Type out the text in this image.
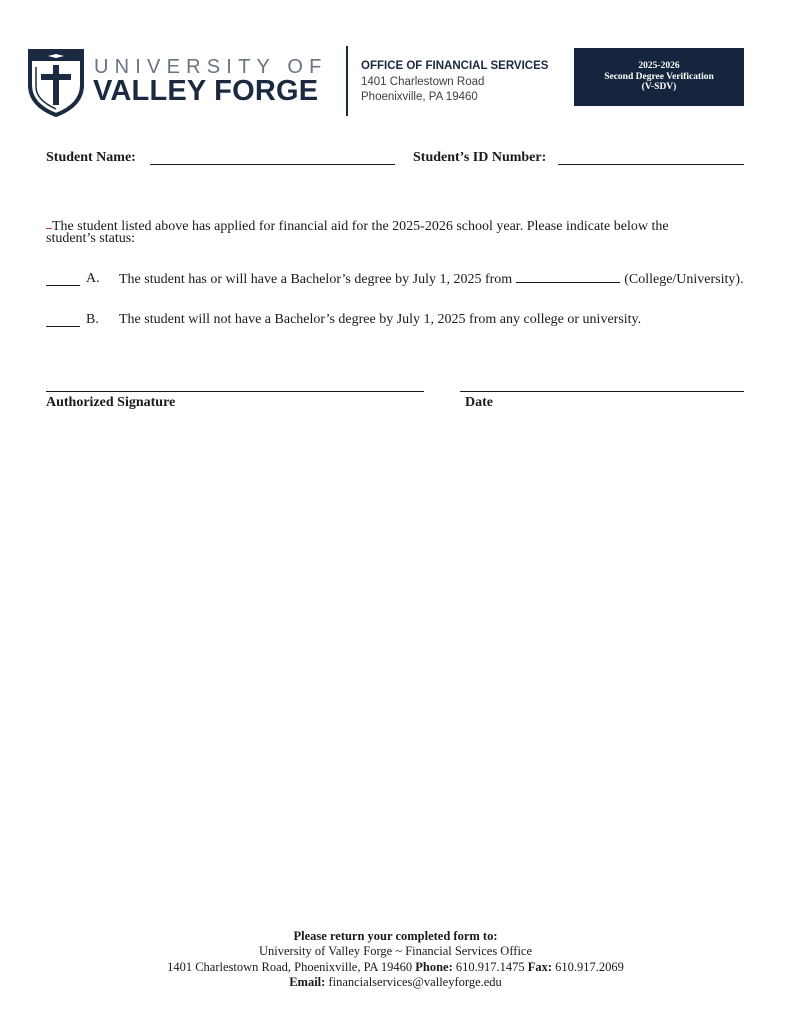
UNIVERSITY OF
VALLEY FORGE
OFFICE OF FINANCIAL SERVICES
1401 Charlestown Road
Phoenixville, PA 19460
2025-2026
Second Degree Verification
(V-SDV)
Student Name:	Student’s ID Number:
The student listed above has applied for financial aid for the 2025-2026 school year. Please indicate below the
student’s status:
A. The student has or will have a Bachelor’s degree by July 1, 2025 from	(College/University).
B. The student will not have a Bachelor’s degree by July 1, 2025 from any college or university.
Authorized Signature	Date
Please return your completed form to:
University of Valley Forge ~ Financial Services Office
1401 Charlestown Road, Phoenixville, PA 19460 Phone: 610.917.1475 Fax: 610.917.2069
Email: financialservices@valleyforge.edu
